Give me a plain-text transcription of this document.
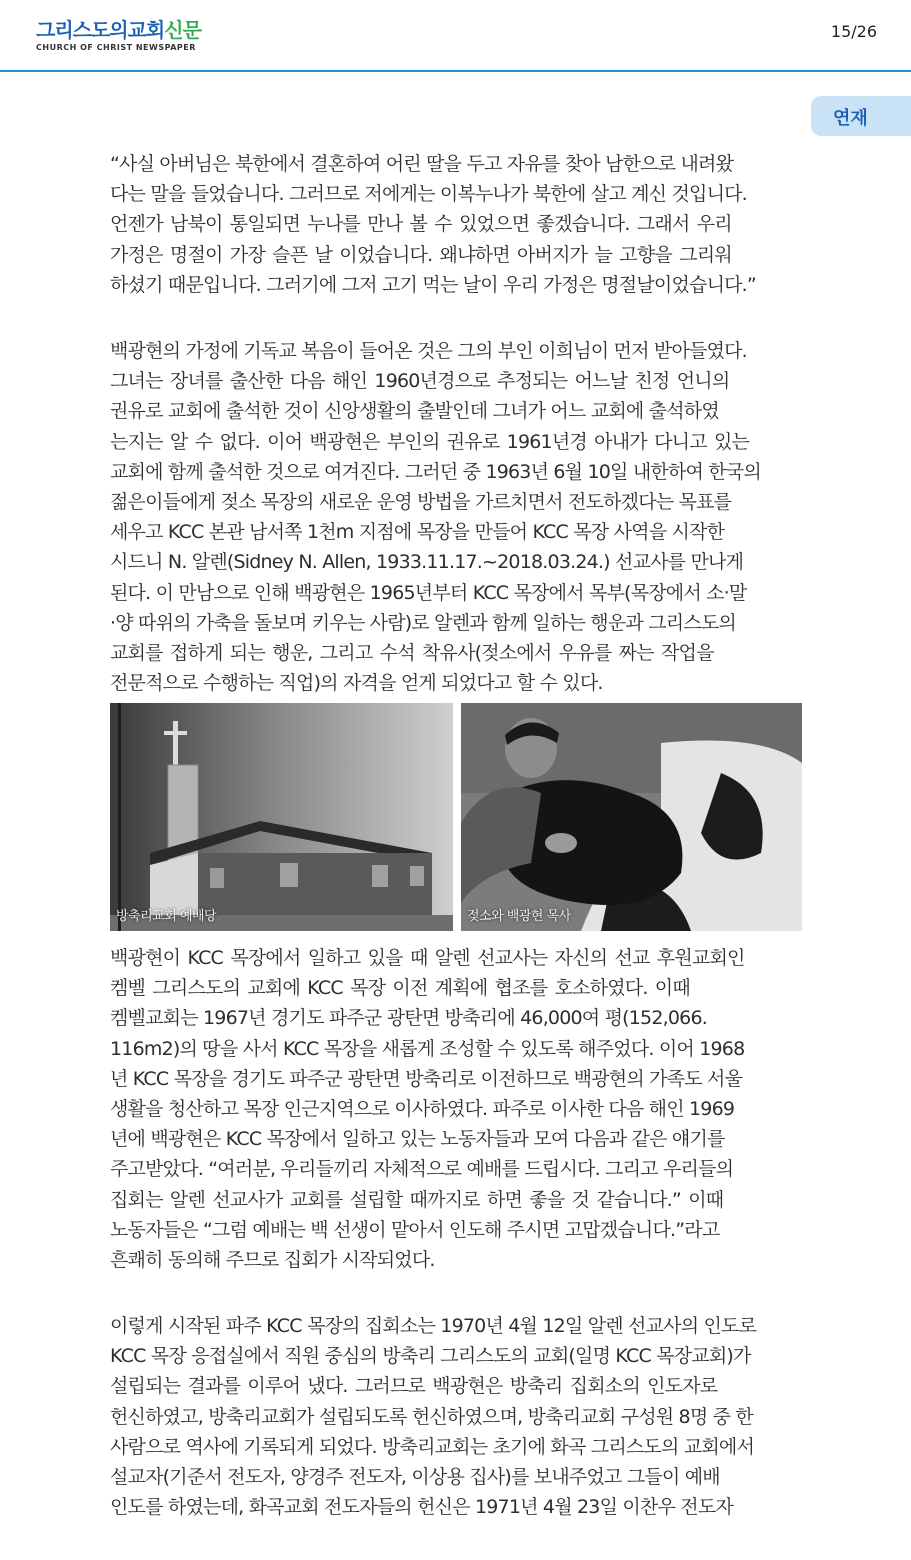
그리스도의교회신문
CHURCH OF CHRIST NEWSPAPER
15/26
연재

“사실 아버님은 북한에서 결혼하여 어린 딸을 두고 자유를 찾아 남한으로 내려왔

다는 말을 들었습니다. 그러므로 저에게는 이복누나가 북한에 살고 계신 것입니다.

언젠가 남북이 통일되면 누나를 만나 볼 수 있었으면 좋겠습니다. 그래서 우리

가정은 명절이 가장 슬픈 날 이었습니다. 왜냐하면 아버지가 늘 고향을 그리워

하셨기 때문입니다. 그러기에 그저 고기 먹는 날이 우리 가정은 명절날이었습니다.”

백광현의 가정에 기독교 복음이 들어온 것은 그의 부인 이희님이 먼저 받아들였다.

그녀는 장녀를 출산한 다음 해인 1960년경으로 추정되는 어느날 친정 언니의

권유로 교회에 출석한 것이 신앙생활의 출발인데 그녀가 어느 교회에 출석하였

는지는 알 수 없다. 이어 백광현은 부인의 권유로 1961년경 아내가 다니고 있는

교회에 함께 출석한 것으로 여겨진다. 그러던 중 1963년 6월 10일 내한하여 한국의

젊은이들에게 젖소 목장의 새로운 운영 방법을 가르치면서 전도하겠다는 목표를

세우고 KCC 본관 남서쪽 1천m 지점에 목장을 만들어 KCC 목장 사역을 시작한

시드니 N. 알렌(Sidney N. Allen, 1933.11.17.~2018.03.24.) 선교사를 만나게

된다. 이 만남으로 인해 백광현은 1965년부터 KCC 목장에서 목부(목장에서 소·말

·양 따위의 가축을 돌보며 키우는 사람)로 알렌과 함께 일하는 행운과 그리스도의

교회를 접하게 되는 행운, 그리고 수석 착유사(젖소에서 우유를 짜는 작업을

전문적으로 수행하는 직업)의 자격을 얻게 되었다고 할 수 있다.

방축리교회 예배당	젖소와 백광현 목사

백광현이 KCC 목장에서 일하고 있을 때 알렌 선교사는 자신의 선교 후원교회인

켐벨 그리스도의 교회에 KCC 목장 이전 계획에 협조를 호소하였다. 이때

켐벨교회는 1967년 경기도 파주군 광탄면 방축리에 46,000여 평(152,066.

116m2)의 땅을 사서 KCC 목장을 새롭게 조성할 수 있도록 해주었다. 이어 1968

년 KCC 목장을 경기도 파주군 광탄면 방축리로 이전하므로 백광현의 가족도 서울

생활을 청산하고 목장 인근지역으로 이사하였다. 파주로 이사한 다음 해인 1969

년에 백광현은 KCC 목장에서 일하고 있는 노동자들과 모여 다음과 같은 얘기를

주고받았다. “여러분, 우리들끼리 자체적으로 예배를 드립시다. 그리고 우리들의

집회는 알렌 선교사가 교회를 설립할 때까지로 하면 좋을 것 같습니다.” 이때

노동자들은 “그럼 예배는 백 선생이 맡아서 인도해 주시면 고맙겠습니다.”라고

흔쾌히 동의해 주므로 집회가 시작되었다.

이렇게 시작된 파주 KCC 목장의 집회소는 1970년 4월 12일 알렌 선교사의 인도로

KCC 목장 응접실에서 직원 중심의 방축리 그리스도의 교회(일명 KCC 목장교회)가

설립되는 결과를 이루어 냈다. 그러므로 백광현은 방축리 집회소의 인도자로

헌신하였고, 방축리교회가 설립되도록 헌신하였으며, 방축리교회 구성원 8명 중 한

사람으로 역사에 기록되게 되었다. 방축리교회는 초기에 화곡 그리스도의 교회에서

설교자(기준서 전도자, 양경주 전도자, 이상용 집사)를 보내주었고 그들이 예배

인도를 하였는데, 화곡교회 전도자들의 헌신은 1971년 4월 23일 이찬우 전도자
